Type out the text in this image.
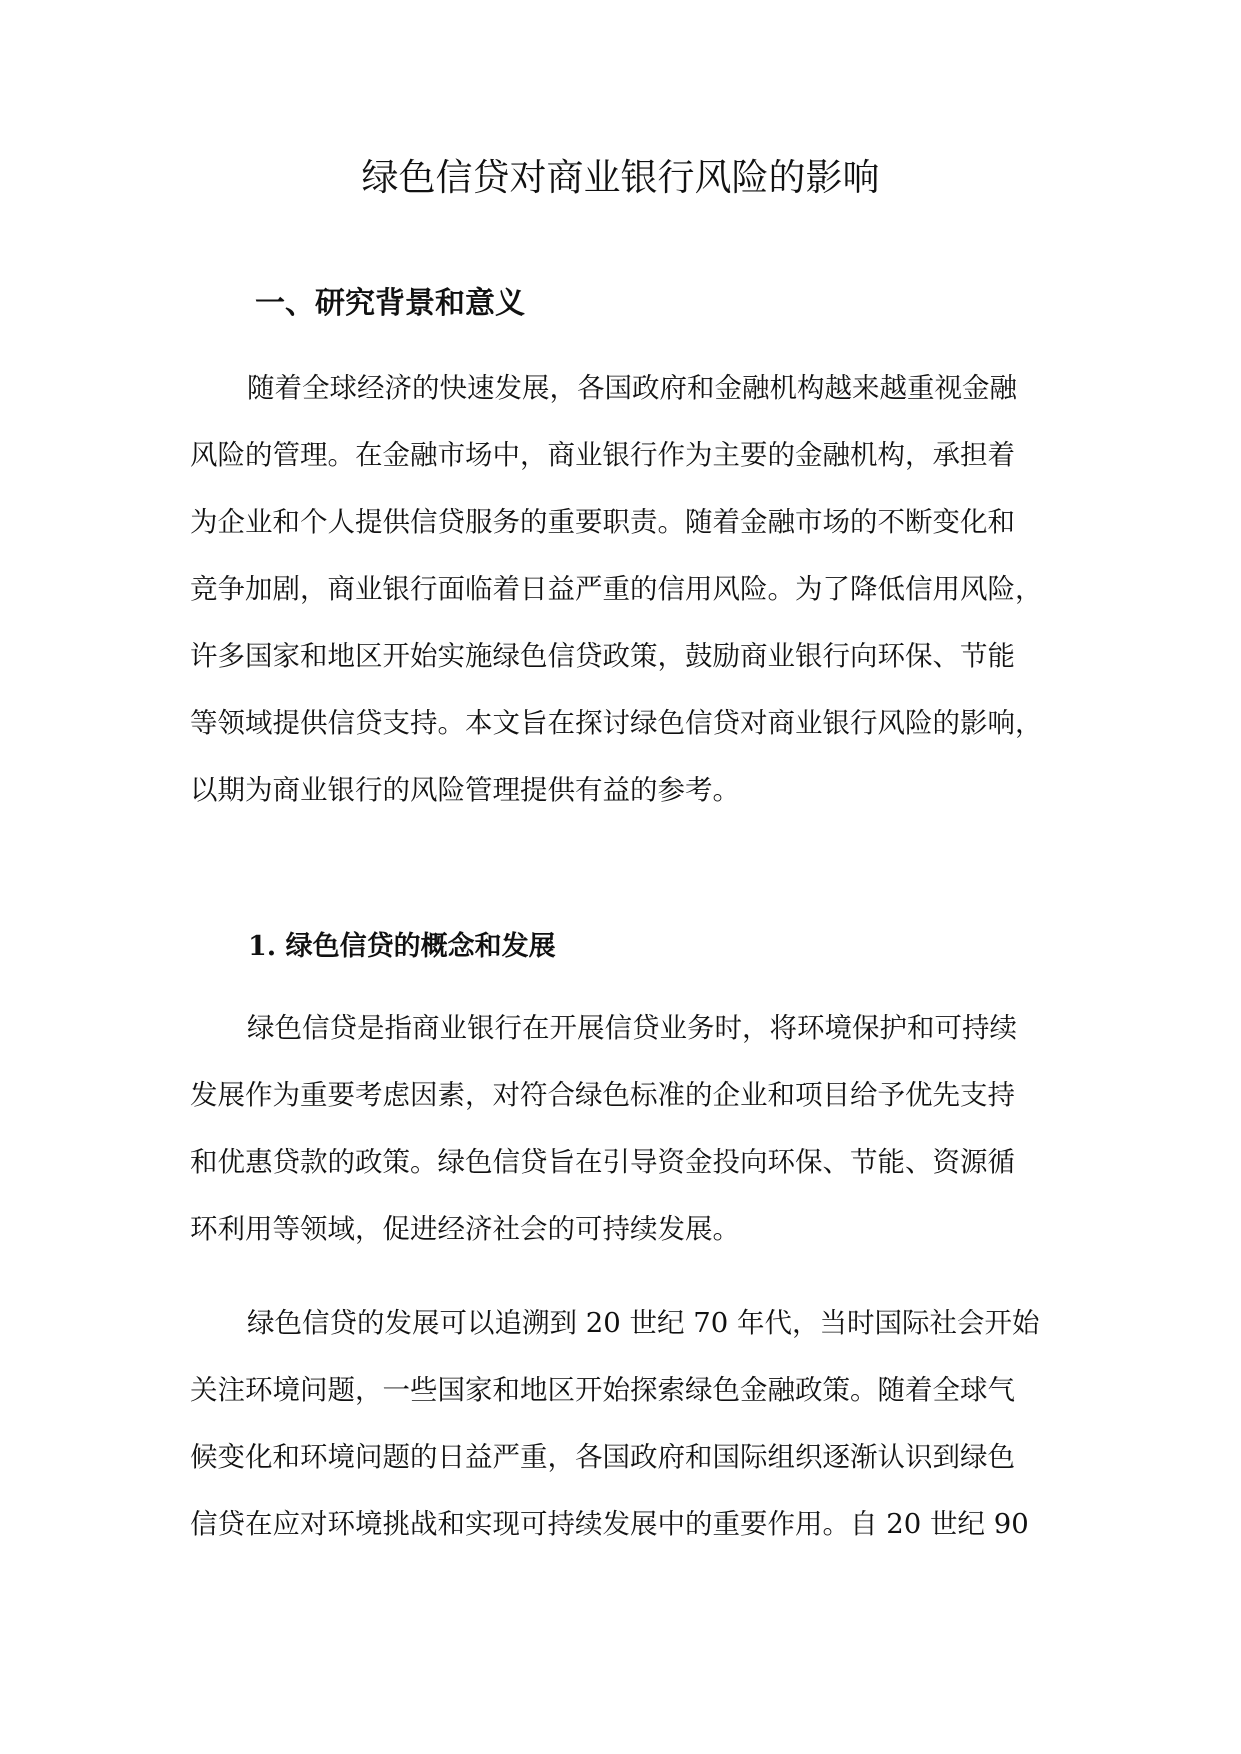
绿色信贷对商业银行风险的影响
一、研究背景和意义
随着全球经济的快速发展，各国政府和金融机构越来越重视金融
风险的管理。在金融市场中，商业银行作为主要的金融机构，承担着
为企业和个人提供信贷服务的重要职责。随着金融市场的不断变化和
竞争加剧，商业银行面临着日益严重的信用风险。为了降低信用风险，
许多国家和地区开始实施绿色信贷政策，鼓励商业银行向环保、节能
等领域提供信贷支持。本文旨在探讨绿色信贷对商业银行风险的影响，
以期为商业银行的风险管理提供有益的参考。
1. 绿色信贷的概念和发展
绿色信贷是指商业银行在开展信贷业务时，将环境保护和可持续
发展作为重要考虑因素，对符合绿色标准的企业和项目给予优先支持
和优惠贷款的政策。绿色信贷旨在引导资金投向环保、节能、资源循
环利用等领域，促进经济社会的可持续发展。
绿色信贷的发展可以追溯到 20 世纪 70 年代，当时国际社会开始
关注环境问题，一些国家和地区开始探索绿色金融政策。随着全球气
候变化和环境问题的日益严重，各国政府和国际组织逐渐认识到绿色
信贷在应对环境挑战和实现可持续发展中的重要作用。自 20 世纪 90
